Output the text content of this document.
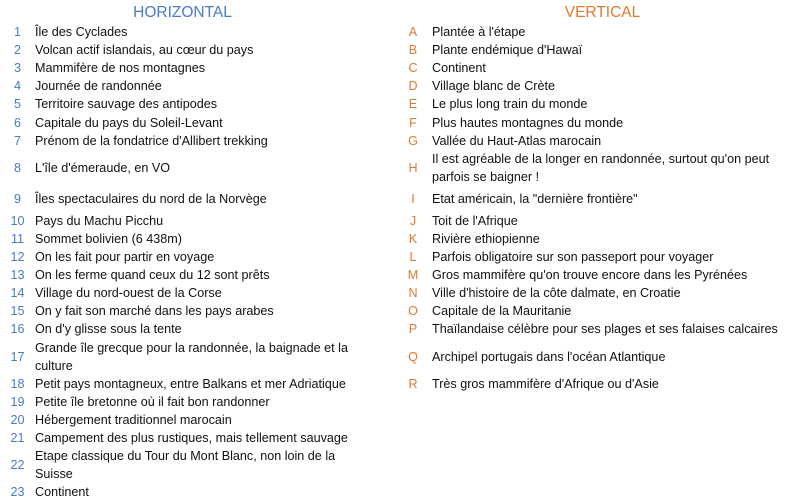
HORIZONTAL
1	Île des Cyclades
2	Volcan actif islandais, au cœur du pays
3	Mammifère de nos montagnes
4	Journée de randonnée
5	Territoire sauvage des antipodes
6	Capitale du pays du Soleil-Levant
7	Prénom de la fondatrice d'Allibert trekking
8	L'île d'émeraude, en VO
9	Îles spectaculaires du nord de la Norvège
10 Pays du Machu Picchu
11 Sommet bolivien (6 438m)
12 On les fait pour partir en voyage
13 On les ferme quand ceux du 12 sont prêts
14 Village du nord-ouest de la Corse
15 On y fait son marché dans les pays arabes
16 On d'y glisse sous la tente
17
Grande île grecque pour la randonnée, la baignade et la culture
18 Petit pays montagneux, entre Balkans et mer Adriatique
19 Petite île bretonne où il fait bon randonner
20 Hébergement traditionnel marocain
21 Campement des plus rustiques, mais tellement sauvage
22
Etape classique du Tour du Mont Blanc, non loin de la Suisse
23 Continent
VERTICAL
A	Plantée à l'étape
B	Plante endémique d'Hawaï
C Continent
D Village blanc de Crète
E	Le plus long train du monde
F	Plus hautes montagnes du monde
G Vallée du Haut-Atlas marocain
H
Il est agréable de la longer en randonnée, surtout qu'on peut parfois se baigner !
I	Etat américain, la "dernière frontière"
J	Toit de l'Afrique
K	Rivière ethiopienne
L	Parfois obligatoire sur son passeport pour voyager
M Gros mammifère qu'on trouve encore dans les Pyrénées
N Ville d'histoire de la côte dalmate, en Croatie
O Capitale de la Mauritanie
P	Thaïlandaise célèbre pour ses plages et ses falaises calcaires
Q Archipel portugais dans l'océan Atlantique
R Très gros mammifère d'Afrique ou d'Asie
